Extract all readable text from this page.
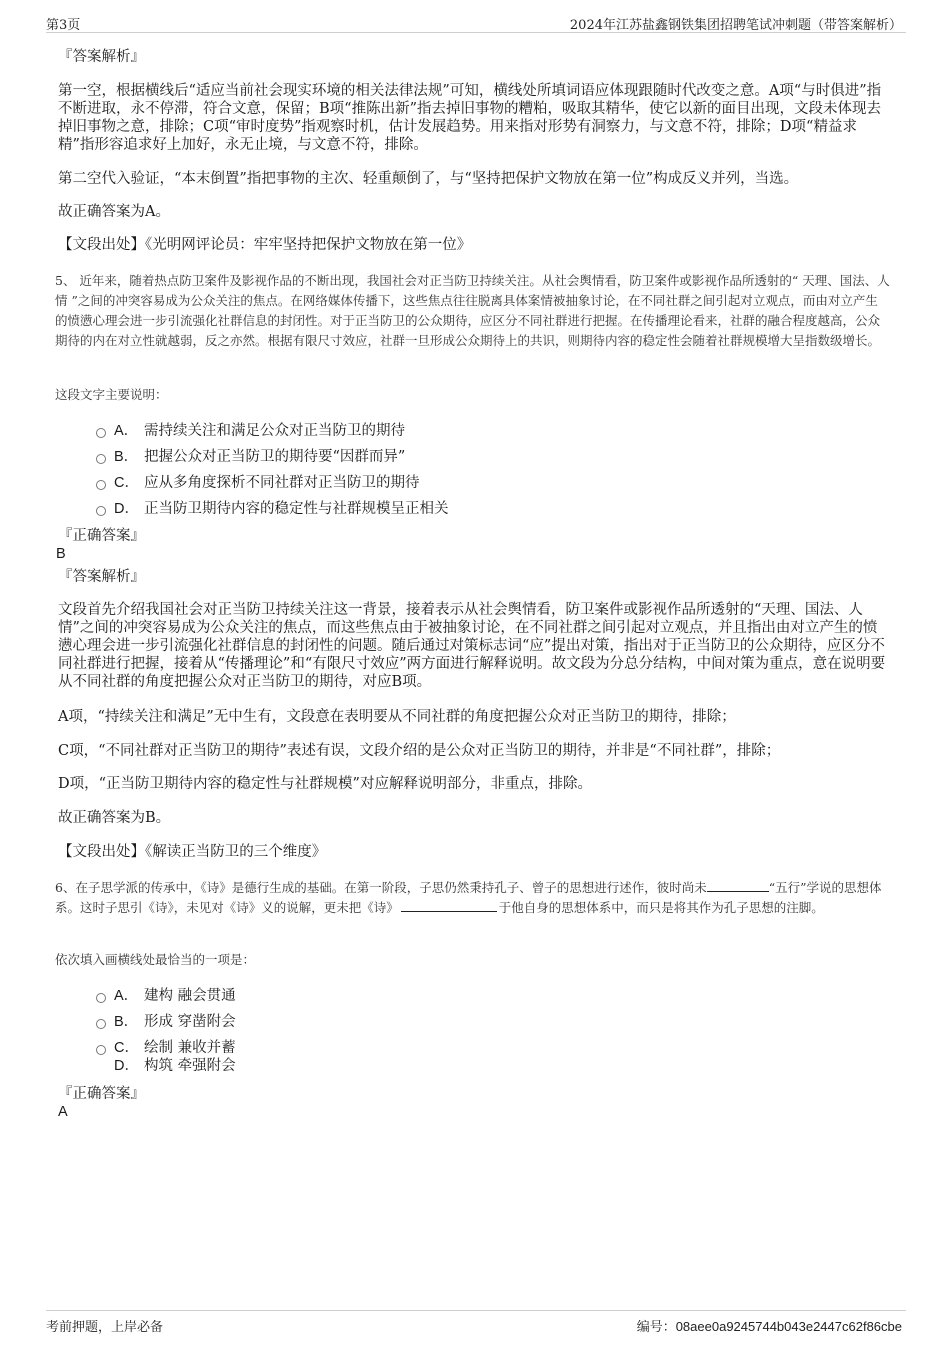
第3页	2024年江苏盐鑫钢铁集团招聘笔试冲刺题（带答案解析）
『答案解析』
第一空，根据横线后“适应当前社会现实环境的相关法律法规”可知，横线处所填词语应体现跟随时代改变之意。A项“与时俱进”指不断进取，永不停滞，符合文意，保留；B项“推陈出新”指去掉旧事物的糟粕，吸取其精华，使它以新的面目出现，文段未体现去掉旧事物之意，排除；C项“审时度势”指观察时机，估计发展趋势。用来指对形势有洞察力，与文意不符，排除；D项“精益求精”指形容追求好上加好，永无止境，与文意不符，排除。
第二空代入验证，“本末倒置”指把事物的主次、轻重颠倒了，与“坚持把保护文物放在第一位”构成反义并列，当选。
故正确答案为A。
【文段出处】《光明网评论员：牢牢坚持把保护文物放在第一位》
5、 近年来，随着热点防卫案件及影视作品的不断出现，我国社会对正当防卫持续关注。从社会舆情看，防卫案件或影视作品所透射的“ 天理、国法、人情 ”之间的冲突容易成为公众关注的焦点。在网络媒体传播下，这些焦点往往脱离具体案情被抽象讨论，在不同社群之间引起对立观点，而由对立产生的愤懑心理会进一步引流强化社群信息的封闭性。对于正当防卫的公众期待，应区分不同社群进行把握。在传播理论看来，社群的融合程度越高，公众期待的内在对立性就越弱，反之亦然。根据有限尺寸效应，社群一旦形成公众期待上的共识，则期待内容的稳定性会随着社群规模增大呈指数级增长。
这段文字主要说明：
A． 需持续关注和满足公众对正当防卫的期待
B． 把握公众对正当防卫的期待要“因群而异”
C． 应从多角度探析不同社群对正当防卫的期待
D． 正当防卫期待内容的稳定性与社群规模呈正相关
『正确答案』
B
『答案解析』
文段首先介绍我国社会对正当防卫持续关注这一背景，接着表示从社会舆情看，防卫案件或影视作品所透射的“天理、国法、人情”之间的冲突容易成为公众关注的焦点，而这些焦点由于被抽象讨论，在不同社群之间引起对立观点，并且指出由对立产生的愤懑心理会进一步引流强化社群信息的封闭性的问题。随后通过对策标志词“应”提出对策，指出对于正当防卫的公众期待，应区分不同社群进行把握，接着从“传播理论”和“有限尺寸效应”两方面进行解释说明。故文段为分总分结构，中间对策为重点，意在说明要从不同社群的角度把握公众对正当防卫的期待，对应B项。
A项，“持续关注和满足”无中生有，文段意在表明要从不同社群的角度把握公众对正当防卫的期待，排除；
C项，“不同社群对正当防卫的期待”表述有误，文段介绍的是公众对正当防卫的期待，并非是“不同社群”，排除；
D项，“正当防卫期待内容的稳定性与社群规模”对应解释说明部分，非重点，排除。
故正确答案为B。
【文段出处】《解读正当防卫的三个维度》
6、在子思学派的传承中，《诗》是德行生成的基础。在第一阶段，子思仍然秉持孔子、曾子的思想进行述作，彼时尚未	“五行”学说的思想体系。这时子思引《诗》，未见对《诗》义的说解，更未把《诗》	于他自身的思想体系中，而只是将其作为孔子思想的注脚。
依次填入画横线处最恰当的一项是：
A． 建构 融会贯通
B． 形成 穿凿附会
C． 绘制 兼收并蓄
D． 构筑 牵强附会
『正确答案』
A
考前押题，上岸必备	编号：08aee0a9245744b043e2447c62f86cbe
